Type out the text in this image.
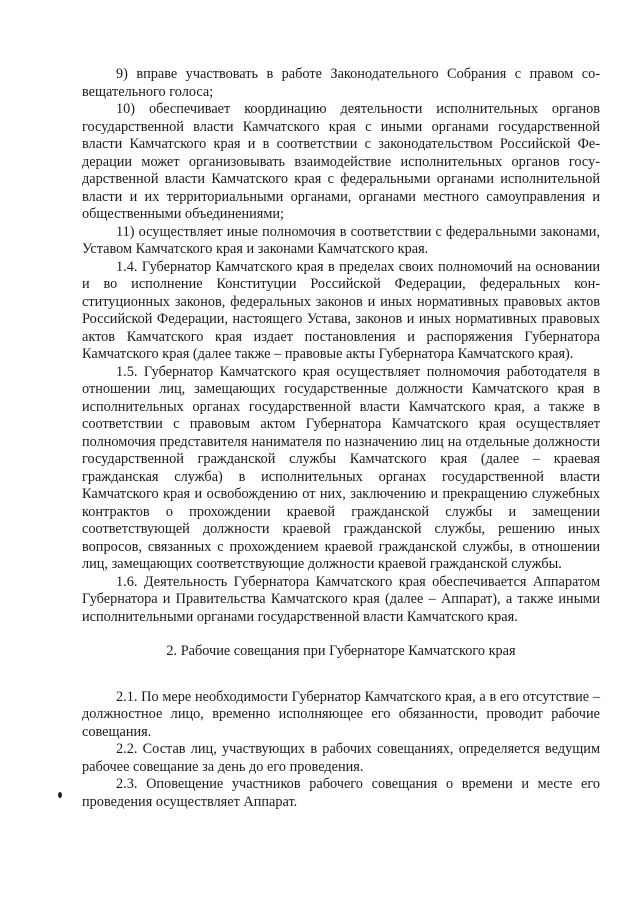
9) вправе участвовать в работе Законодательного Собрания с правом совещательного голоса;

10) обеспечивает координацию деятельности исполнительных органов государственной власти Камчатского края с иными органами государственной власти Камчатского края и в соответствии с законодательством Российской Федерации может организовывать взаимодействие исполнительных органов государственной власти Камчатского края с федеральными органами исполнительной власти и их территориальными органами, органами местного самоуправления и общественными объединениями;

11) осуществляет иные полномочия в соответствии с федеральными законами, Уставом Камчатского края и законами Камчатского края.

1.4. Губернатор Камчатского края в пределах своих полномочий на основании и во исполнение Конституции Российской Федерации, федеральных конституционных законов, федеральных законов и иных нормативных правовых актов Российской Федерации, настоящего Устава, законов и иных нормативных правовых актов Камчатского края издает постановления и распоряжения Губернатора Камчатского края (далее также – правовые акты Губернатора Камчатского края).

1.5. Губернатор Камчатского края осуществляет полномочия работодателя в отношении лиц, замещающих государственные должности Камчатского края в исполнительных органах государственной власти Камчатского края, а также в соответствии с правовым актом Губернатора Камчатского края осуществляет полномочия представителя нанимателя по назначению лиц на отдельные должности государственной гражданской службы Камчатского края (далее – краевая гражданская служба) в исполнительных органах государственной власти Камчатского края и освобождению от них, заключению и прекращению служебных контрактов о прохождении краевой гражданской службы и замещении соответствующей должности краевой гражданской службы, решению иных вопросов, связанных с прохождением краевой гражданской службы, в отношении лиц, замещающих соответствующие должности краевой гражданской службы.

1.6. Деятельность Губернатора Камчатского края обеспечивается Аппаратом Губернатора и Правительства Камчатского края (далее – Аппарат), а также иными исполнительными органами государственной власти Камчатского края.

2. Рабочие совещания при Губернаторе Камчатского края

2.1. По мере необходимости Губернатор Камчатского края, а в его отсутствие – должностное лицо, временно исполняющее его обязанности, проводит рабочие совещания.

2.2. Состав лиц, участвующих в рабочих совещаниях, определяется ведущим рабочее совещание за день до его проведения.

2.3. Оповещение участников рабочего совещания о времени и месте его проведения осуществляет Аппарат.
